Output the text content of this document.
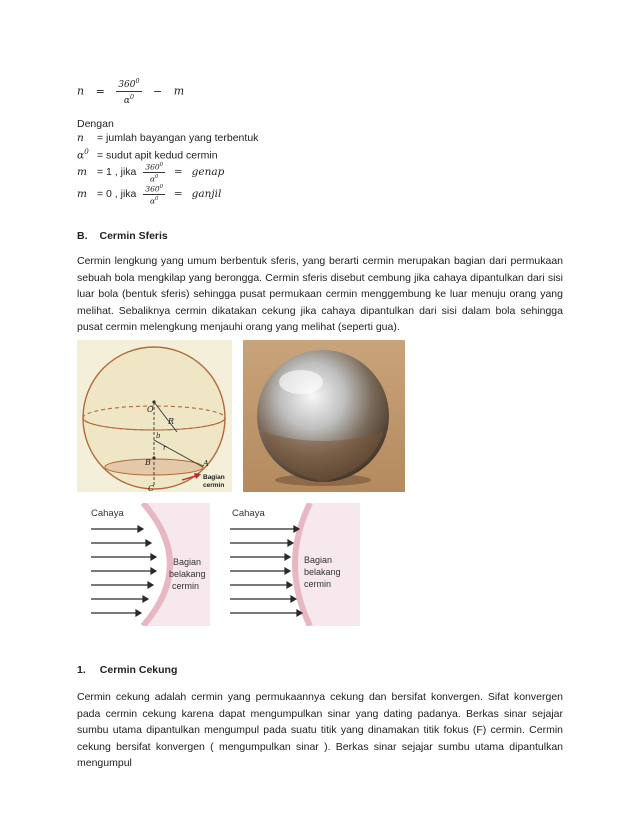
$n = \frac{360^0}{\alpha^0} - m$
Dengan
n = jumlah bayangan yang terbentuk
$\alpha^0$ = sudut apit kedud cermin
m = 1 , jika $\frac{360^0}{\alpha^0}$ = genap
m = 0 , jika $\frac{360^0}{\alpha^0}$ = ganjil
B. Cermin Sferis
Cermin lengkung yang umum berbentuk sferis, yang berarti cermin merupakan bagian dari permukaan sebuah bola mengkilap yang berongga. Cermin sferis disebut cembung jika cahaya dipantulkan dari sisi luar bola (bentuk sferis) sehingga pusat permukaan cermin menggembung ke luar menuju orang yang melihat. Sebaliknya cermin dikatakan cekung jika cahaya dipantulkan dari sisi dalam bola sehingga pusat cermin melengkung menjauhi orang yang melihat (seperti gua).
O
R
b
r
B	A
C
Bagian
cermin
Cahaya
Bagian
belakang
cermin
Cahaya
Bagian
belakang
cermin
1. Cermin Cekung
Cermin cekung adalah cermin yang permukaannya cekung dan bersifat konvergen. Sifat konvergen pada cermin cekung karena dapat mengumpulkan sinar yang dating padanya. Berkas sinar sejajar sumbu utama dipantulkan mengumpul pada suatu titik yang dinamakan titik fokus (F) cermin. Cermin cekung bersifat konvergen ( mengumpulkan sinar ). Berkas sinar sejajar sumbu utama dipantulkan mengumpul
